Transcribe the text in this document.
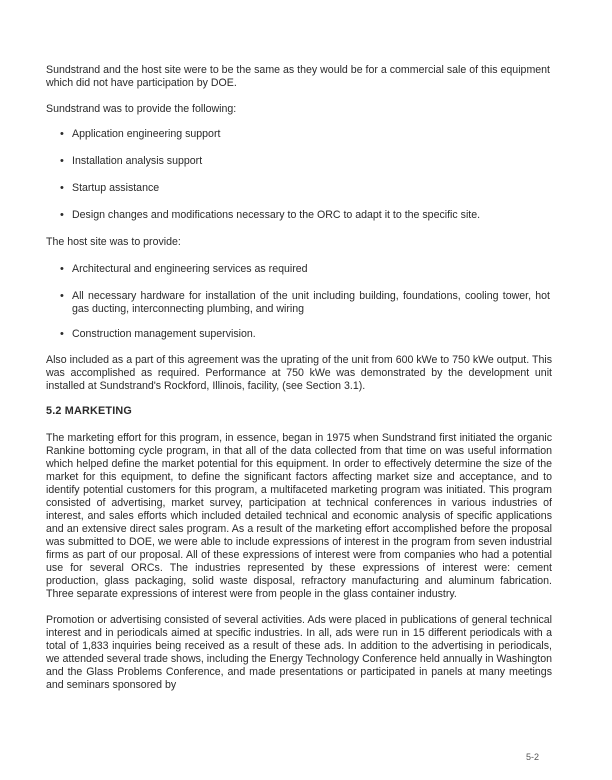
Sundstrand and the host site were to be the same as they would be for a commercial sale of this equipment which did not have participation by DOE.

Sundstrand was to provide the following:

• Application engineering support
• Installation analysis support
• Startup assistance
• Design changes and modifications necessary to the ORC to adapt it to the specific site.

The host site was to provide:

• Architectural and engineering services as required
• All necessary hardware for installation of the unit including building, foundations, cooling tower, hot gas ducting, interconnecting plumbing, and wiring
• Construction management supervision.

Also included as a part of this agreement was the uprating of the unit from 600 kWe to 750 kWe output. This was accomplished as required. Performance at 750 kWe was demonstrated by the development unit installed at Sundstrand's Rockford, Illinois, facility, (see Section 3.1).

5.2 MARKETING

The marketing effort for this program, in essence, began in 1975 when Sundstrand first initiated the organic Rankine bottoming cycle program, in that all of the data collected from that time on was useful information which helped define the market potential for this equipment. In order to effectively determine the size of the market for this equipment, to define the significant factors affecting market size and acceptance, and to identify potential customers for this program, a multifaceted marketing program was initiated. This program consisted of advertising, market survey, participation at technical conferences in various industries of interest, and sales efforts which included detailed technical and economic analysis of specific applications and an extensive direct sales program. As a result of the marketing effort accomplished before the proposal was submitted to DOE, we were able to include expressions of interest in the program from seven industrial firms as part of our proposal. All of these expressions of interest were from companies who had a potential use for several ORCs. The industries represented by these expressions of interest were: cement production, glass packaging, solid waste disposal, refractory manufacturing and aluminum fabrication. Three separate expressions of interest were from people in the glass container industry.

Promotion or advertising consisted of several activities. Ads were placed in publications of general technical interest and in periodicals aimed at specific industries. In all, ads were run in 15 different periodicals with a total of 1,833 inquiries being received as a result of these ads. In addition to the advertising in periodicals, we attended several trade shows, including the Energy Technology Conference held annually in Washington and the Glass Problems Conference, and made presentations or participated in panels at many meetings and seminars sponsored by

5-2
